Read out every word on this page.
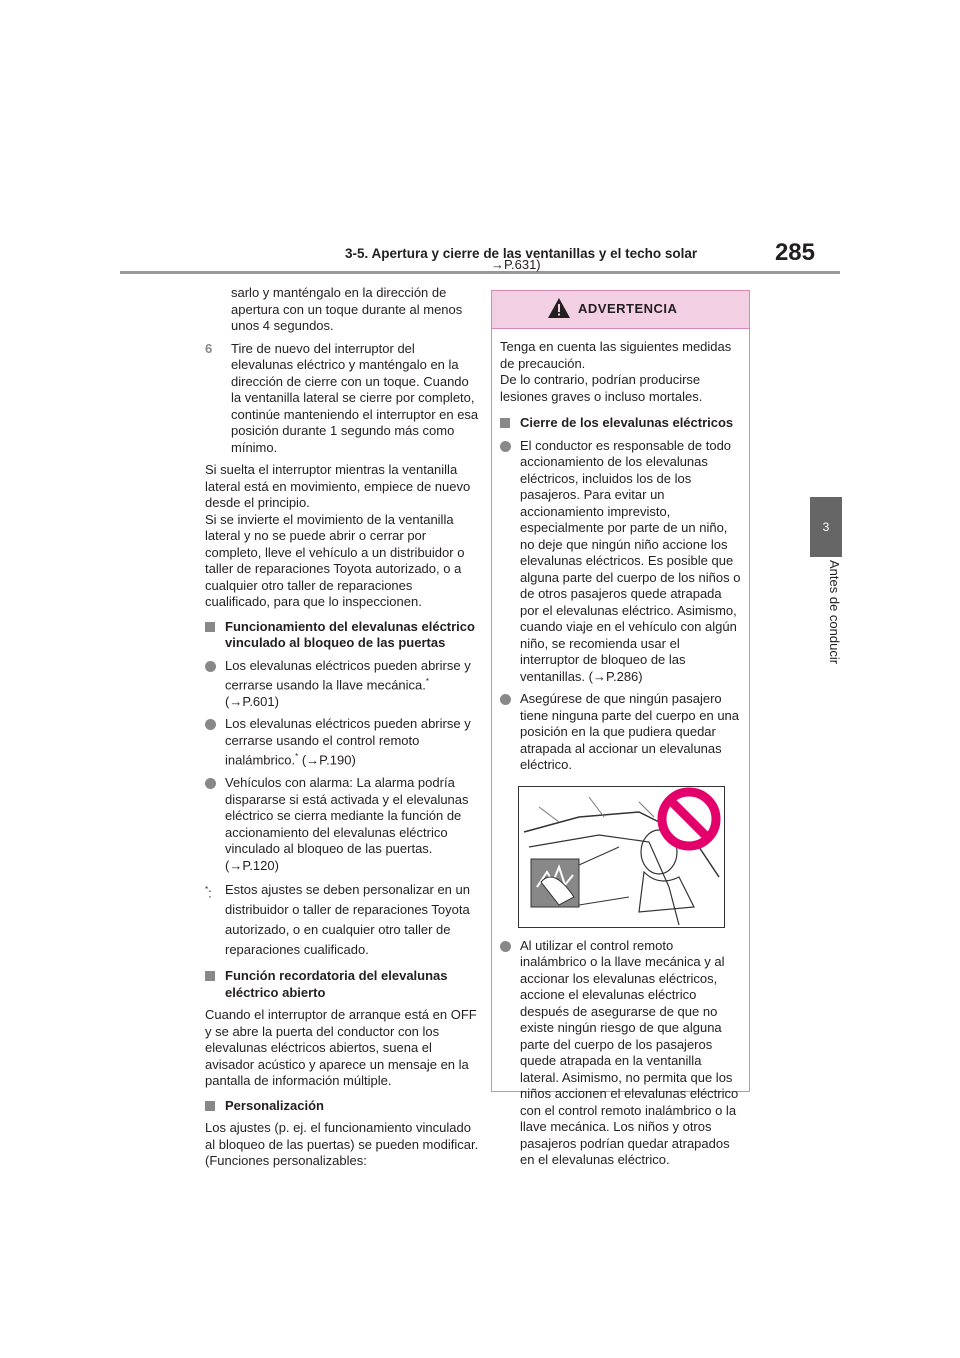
3-5. Apertura y cierre de las ventanillas y el techo solar	285
3
Antes de conducir

sarlo y manténgalo en la dirección de apertura con un toque durante al menos unos 4 segundos.

6 Tire de nuevo del interruptor del elevalunas eléctrico y manténgalo en la dirección de cierre con un toque. Cuando la ventanilla lateral se cierre por completo, continúe manteniendo el interruptor en esa posición durante 1 segundo más como mínimo.

Si suelta el interruptor mientras la ventanilla lateral está en movimiento, empiece de nuevo desde el principio.

Si se invierte el movimiento de la ventanilla lateral y no se puede abrir o cerrar por completo, lleve el vehículo a un distribuidor o taller de reparaciones Toyota autorizado, o a cualquier otro taller de reparaciones cualificado, para que lo inspeccionen.

Funcionamiento del elevalunas eléctrico vinculado al bloqueo de las puertas
Los elevalunas eléctricos pueden abrirse y cerrarse usando la llave mecánica.*
(→P.601)
Los elevalunas eléctricos pueden abrirse y cerrarse usando el control remoto inalámbrico.* (→P.190)
Vehículos con alarma: La alarma podría dispararse si está activada y el elevalunas eléctrico se cierra mediante la función de accionamiento del elevalunas eléctrico vinculado al bloqueo de las puertas. (→P.120)
*: Estos ajustes se deben personalizar en un distribuidor o taller de reparaciones Toyota autorizado, o en cualquier otro taller de reparaciones cualificado.
Función recordatoria del elevalunas eléctrico abierto

Cuando el interruptor de arranque está en OFF y se abre la puerta del conductor con los elevalunas eléctricos abiertos, suena el avisador acústico y aparece un mensaje en la pantalla de información múltiple.

Personalización

Los ajustes (p. ej. el funcionamiento vinculado al bloqueo de las puertas) se pueden modificar. (Funciones personalizables:

→P.631)
ADVERTENCIA

Tenga en cuenta las siguientes medidas de precaución.

De lo contrario, podrían producirse lesiones graves o incluso mortales.

Cierre de los elevalunas eléctricos
El conductor es responsable de todo accionamiento de los elevalunas eléctricos, incluidos los de los pasajeros. Para evitar un accionamiento imprevisto, especialmente por parte de un niño, no deje que ningún niño accione los elevalunas eléctricos. Es posible que alguna parte del cuerpo de los niños o de otros pasajeros quede atrapada por el elevalunas eléctrico. Asimismo, cuando viaje en el vehículo con algún niño, se recomienda usar el interruptor de bloqueo de las ventanillas. (→P.286)
Asegúrese de que ningún pasajero tiene ninguna parte del cuerpo en una posición en la que pudiera quedar atrapada al accionar un elevalunas eléctrico.
Al utilizar el control remoto inalámbrico o la llave mecánica y al accionar los elevalunas eléctricos, accione el elevalunas eléctrico después de asegurarse de que no existe ningún riesgo de que alguna parte del cuerpo de los pasajeros quede atrapada en la ventanilla lateral. Asimismo, no permita que los niños accionen el elevalunas eléctrico con el control remoto inalámbrico o la llave mecánica. Los niños y otros pasajeros podrían quedar atrapados en el elevalunas eléctrico.
